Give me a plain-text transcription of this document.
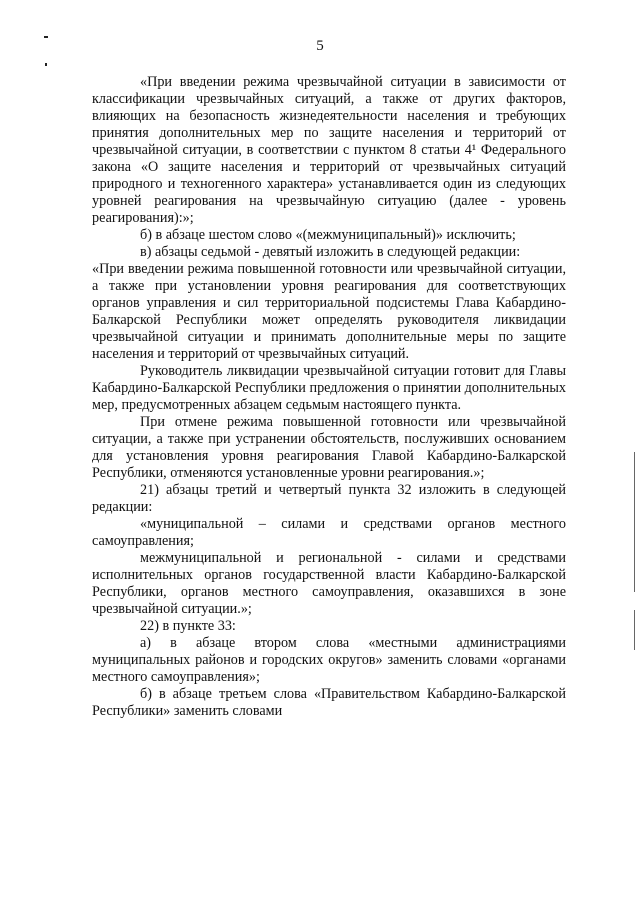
5

«При введении режима чрезвычайной ситуации в зависимости от классификации чрезвычайных ситуаций, а также от других факторов, влияющих на безопасность жизнедеятельности населения и требующих принятия дополнительных мер по защите населения и территорий от чрезвычайной ситуации, в соответствии с пунктом 8 статьи 4¹ Федерального закона «О защите населения и территорий от чрезвычайных ситуаций природного и техногенного характера» устанавливается один из следующих уровней реагирования на чрезвычайную ситуацию (далее - уровень реагирования):»;

б) в абзаце шестом слово «(межмуниципальный)» исключить;

в) абзацы седьмой - девятый изложить в следующей редакции:

«При введении режима повышенной готовности или чрезвычайной ситуации, а также при установлении уровня реагирования для соответствующих органов управления и сил территориальной подсистемы Глава Кабардино-Балкарской Республики может определять руководителя ликвидации чрезвычайной ситуации и принимать дополнительные меры по защите населения и территорий от чрезвычайных ситуаций.

Руководитель ликвидации чрезвычайной ситуации готовит для Главы Кабардино-Балкарской Республики предложения о принятии дополнительных мер, предусмотренных абзацем седьмым настоящего пункта.

При отмене режима повышенной готовности или чрезвычайной ситуации, а также при устранении обстоятельств, послуживших основанием для установления уровня реагирования Главой Кабардино-Балкарской Республики, отменяются установленные уровни реагирования.»;

21) абзацы третий и четвертый пункта 32 изложить в следующей редакции:

«муниципальной – силами и средствами органов местного самоуправления;

межмуниципальной и региональной - силами и средствами исполнительных органов государственной власти Кабардино-Балкарской Республики, органов местного самоуправления, оказавшихся в зоне чрезвычайной ситуации.»;

22) в пункте 33:

а) в абзаце втором слова «местными администрациями муниципальных районов и городских округов» заменить словами «органами местного самоуправления»;

б) в абзаце третьем слова «Правительством Кабардино-Балкарской Республики» заменить словами
